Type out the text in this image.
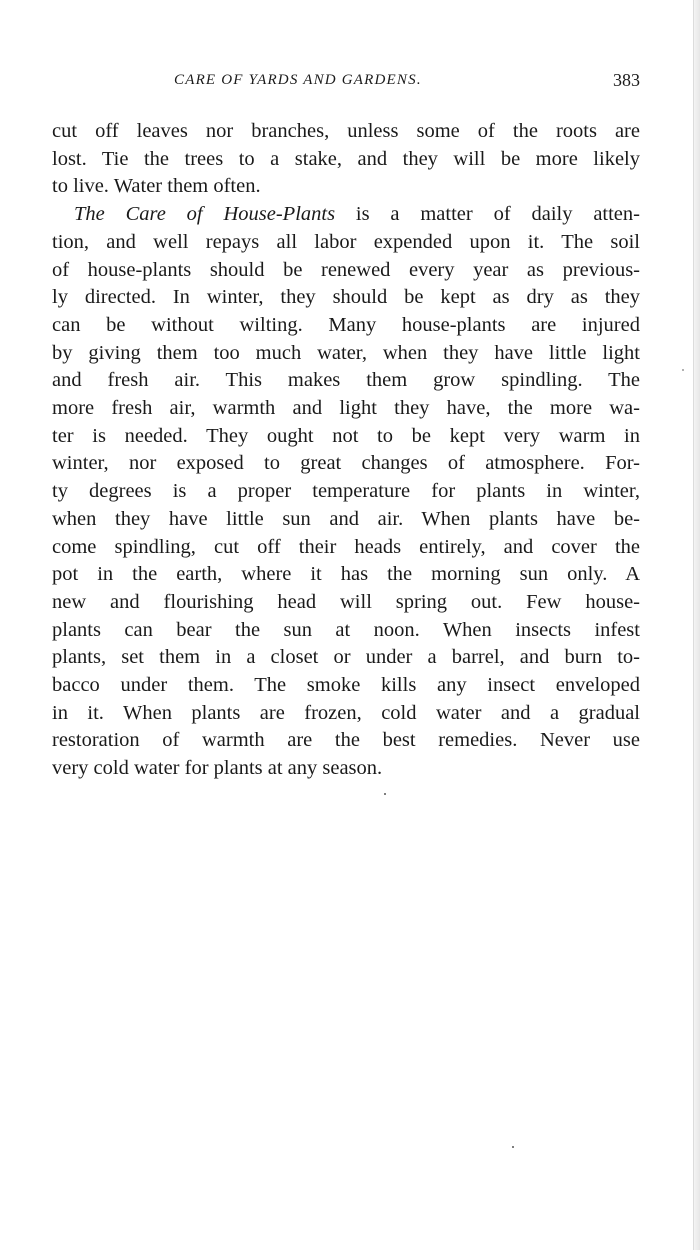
CARE OF YARDS AND GARDENS.	383
cut off leaves nor branches, unless some of the roots are
lost. Tie the trees to a stake, and they will be more likely
to live. Water them often.
The Care of House-Plants is a matter of daily atten-
tion, and well repays all labor expended upon it. The soil
of house-plants should be renewed every year as previous-
ly directed. In winter, they should be kept as dry as they
can be without wilting. Many house-plants are injured
by giving them too much water, when they have little light
and fresh air. This makes them grow spindling. The
more fresh air, warmth and light they have, the more wa-
ter is needed. They ought not to be kept very warm in
winter, nor exposed to great changes of atmosphere. For-
ty degrees is a proper temperature for plants in winter,
when they have little sun and air. When plants have be-
come spindling, cut off their heads entirely, and cover the
pot in the earth, where it has the morning sun only. A
new and flourishing head will spring out. Few house-
plants can bear the sun at noon. When insects infest
plants, set them in a closet or under a barrel, and burn to-
bacco under them. The smoke kills any insect enveloped
in it. When plants are frozen, cold water and a gradual
restoration of warmth are the best remedies. Never use
very cold water for plants at any season.
